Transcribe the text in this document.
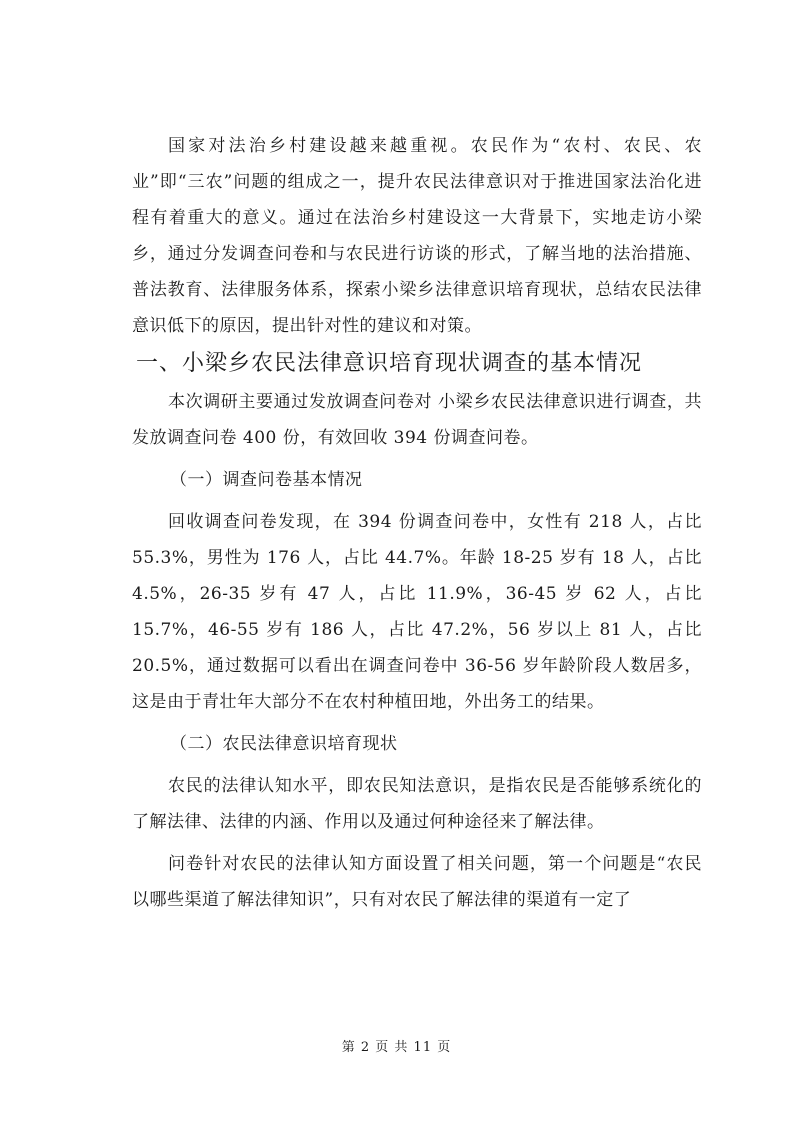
国家对法治乡村建设越来越重视。农民作为“农村、农民、农业”即“三农”问题的组成之一，提升农民法律意识对于推进国家法治化进程有着重大的意义。通过在法治乡村建设这一大背景下，实地走访小梁乡，通过分发调查问卷和与农民进行访谈的形式，了解当地的法治措施、普法教育、法律服务体系，探索小梁乡法律意识培育现状，总结农民法律意识低下的原因，提出针对性的建议和对策。

一、小梁乡农民法律意识培育现状调查的基本情况

本次调研主要通过发放调查问卷对 小梁乡农民法律意识进行调查，共发放调查问卷 400 份，有效回收 394 份调查问卷。

（一）调查问卷基本情况

回收调查问卷发现，在 394 份调查问卷中，女性有 218 人，占比 55.3%，男性为 176 人，占比 44.7%。年龄 18-25 岁有 18 人，占比 4.5%，26-35 岁有 47 人，占比 11.9%，36-45 岁 62 人，占比 15.7%，46-55 岁有 186 人，占比 47.2%，56 岁以上 81 人，占比 20.5%，通过数据可以看出在调查问卷中 36-56 岁年龄阶段人数居多，这是由于青壮年大部分不在农村种植田地，外出务工的结果。

（二）农民法律意识培育现状

农民的法律认知水平，即农民知法意识，是指农民是否能够系统化的了解法律、法律的内涵、作用以及通过何种途径来了解法律。

问卷针对农民的法律认知方面设置了相关问题，第一个问题是“农民以哪些渠道了解法律知识”，只有对农民了解法律的渠道有一定了

第 2 页 共 11 页
